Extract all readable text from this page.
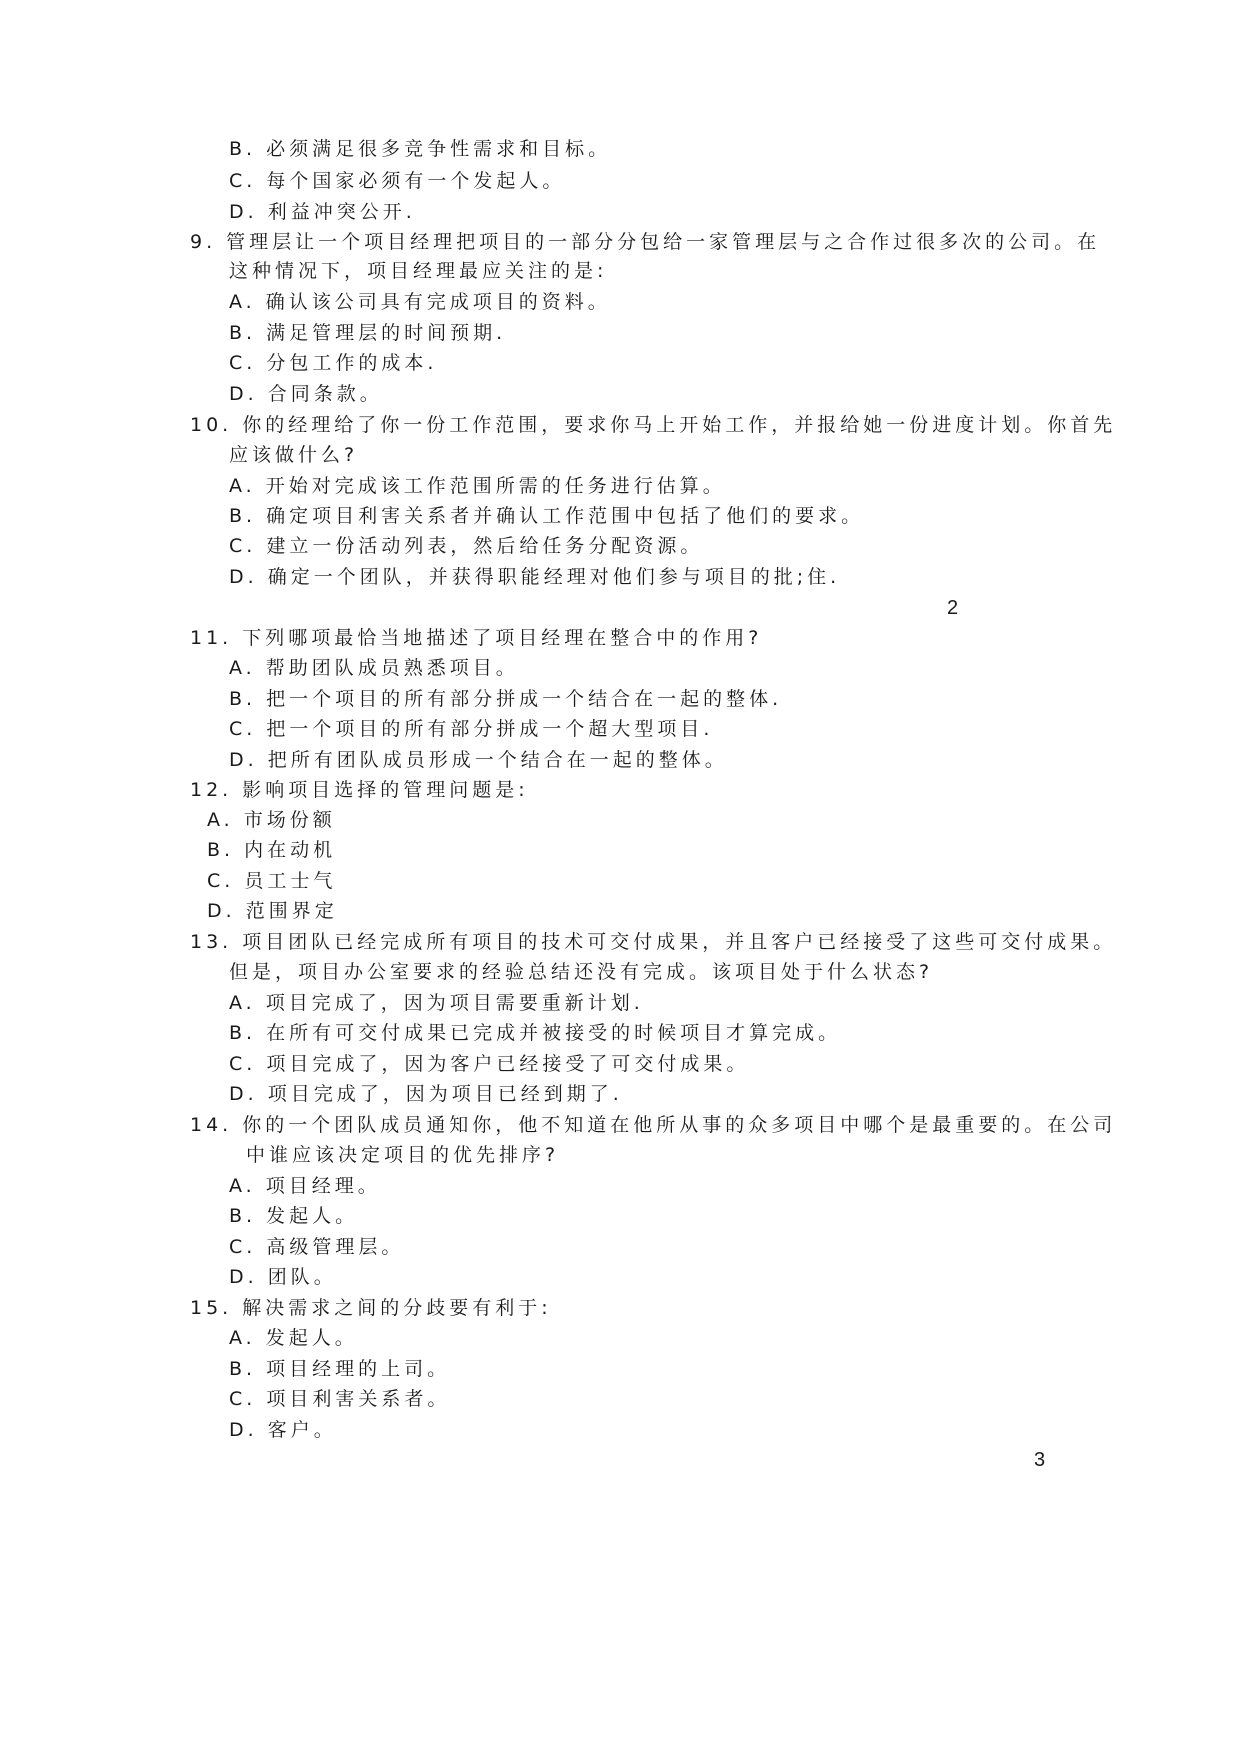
B. 必须满足很多竞争性需求和目标。
C. 每个国家必须有一个发起人。
D. 利益冲突公开.
9. 管理层让一个项目经理把项目的一部分分包给一家管理层与之合作过很多次的公司。在
这种情况下，项目经理最应关注的是:
A. 确认该公司具有完成项目的资料。
B. 满足管理层的时间预期.
C. 分包工作的成本.
D. 合同条款。
10. 你的经理给了你一份工作范围，要求你马上开始工作，并报给她一份进度计划。你首先
应该做什么?
A. 开始对完成该工作范围所需的任务进行估算。
B. 确定项目利害关系者并确认工作范围中包括了他们的要求。
C. 建立一份活动列表，然后给任务分配资源。
D. 确定一个团队，并获得职能经理对他们参与项目的批;住.
2
11. 下列哪项最恰当地描述了项目经理在整合中的作用?
A. 帮助团队成员熟悉项目。
B. 把一个项目的所有部分拼成一个结合在一起的整体.
C. 把一个项目的所有部分拼成一个超大型项目.
D. 把所有团队成员形成一个结合在一起的整体。
12. 影响项目选择的管理问题是:
A. 市场份额
B. 内在动机
C. 员工士气
D. 范围界定
13. 项目团队已经完成所有项目的技术可交付成果，并且客户已经接受了这些可交付成果。
但是，项目办公室要求的经验总结还没有完成。该项目处于什么状态?
A. 项目完成了，因为项目需要重新计划.
B. 在所有可交付成果已完成并被接受的时候项目才算完成。
C. 项目完成了，因为客户已经接受了可交付成果。
D. 项目完成了，因为项目已经到期了.
14. 你的一个团队成员通知你，他不知道在他所从事的众多项目中哪个是最重要的。在公司
中谁应该决定项目的优先排序?
A. 项目经理。
B. 发起人。
C. 高级管理层。
D. 团队。
15. 解决需求之间的分歧要有利于:
A. 发起人。
B. 项目经理的上司。
C. 项目利害关系者。
D. 客户。
3
